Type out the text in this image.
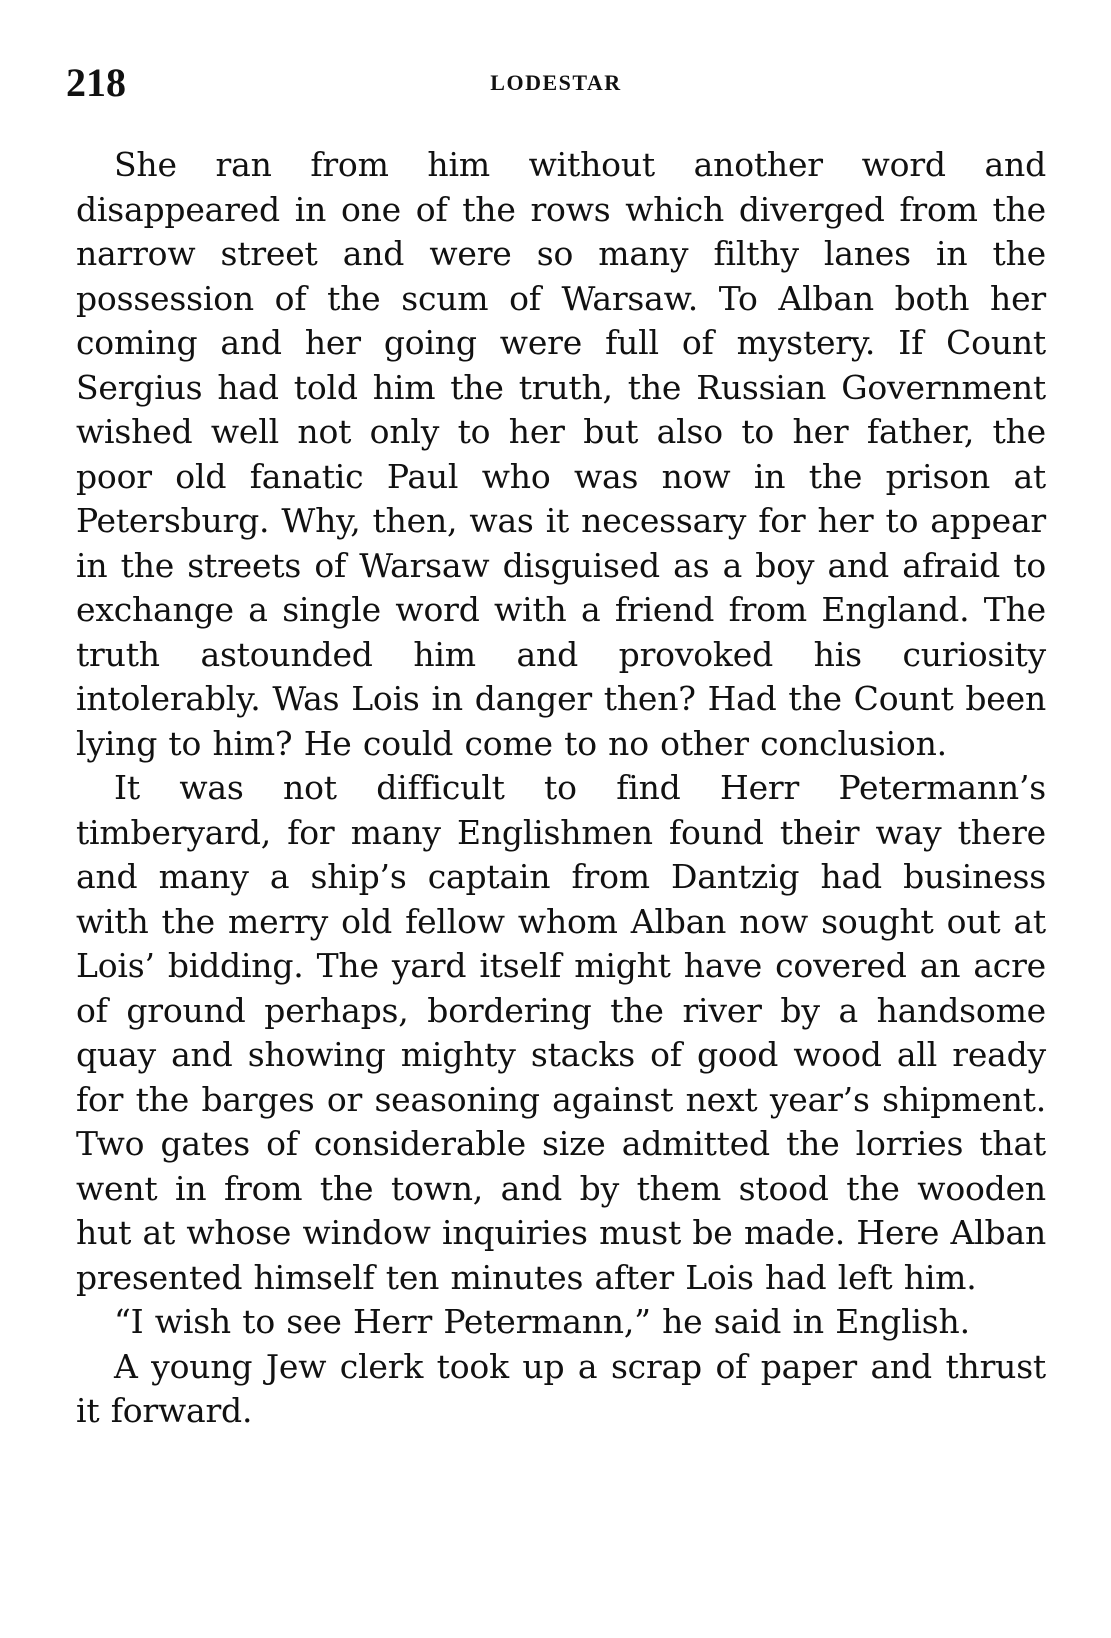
218	LODESTAR

She ran from him without another word and disappeared in one of the rows which diverged from the narrow street and were so many filthy lanes in the possession of the scum of Warsaw. To Alban both her coming and her going were full of mystery. If Count Sergius had told him the truth, the Russian Government wished well not only to her but also to her father, the poor old fanatic Paul who was now in the prison at Petersburg. Why, then, was it necessary for her to appear in the streets of Warsaw disguised as a boy and afraid to exchange a single word with a friend from England. The truth astounded him and provoked his curiosity intolerably. Was Lois in danger then? Had the Count been lying to him? He could come to no other conclusion.

It was not difficult to find Herr Petermann’s timberyard, for many Englishmen found their way there and many a ship’s captain from Dantzig had business with the merry old fellow whom Alban now sought out at Lois’ bidding. The yard itself might have covered an acre of ground perhaps, bordering the river by a handsome quay and showing mighty stacks of good wood all ready for the barges or seasoning against next year’s shipment. Two gates of considerable size admitted the lorries that went in from the town, and by them stood the wooden hut at whose window inquiries must be made. Here Alban presented himself ten minutes after Lois had left him.

“I wish to see Herr Petermann,” he said in English.

A young Jew clerk took up a scrap of paper and thrust it forward.
